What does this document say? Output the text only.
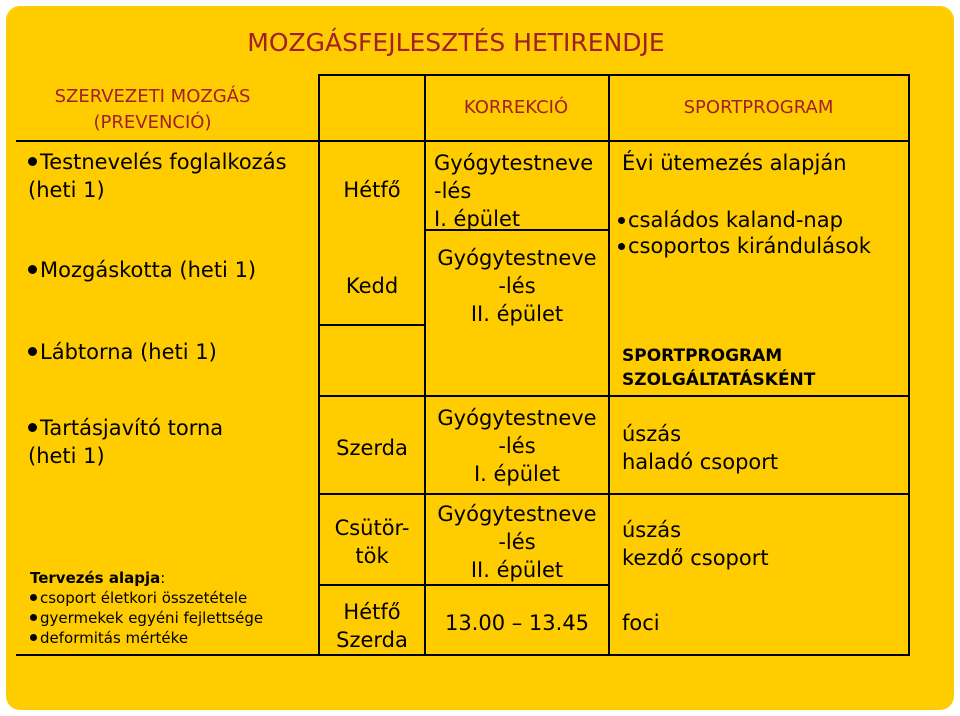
MOZGÁSFEJLESZTÉS HETIRENDJE
SZERVEZETI MOZGÁS
(PREVENCIÓ)
KORREKCIÓ	SPORTPROGRAM
Testnevelés foglalkozás
(heti 1)
Mozgáskotta (heti 1)
Lábtorna (heti 1)
Tartásjavító torna
(heti 1)
Tervezés alapja:
csoport életkori összetétele
gyermekek egyéni fejlettsége
deformitás mértéke
Hétfő
Kedd
Szerda
Csütör-
tök
Hétfő
Szerda
Gyógytestneve
-lés
I. épület
Gyógytestneve
-lés
II. épület
Gyógytestneve
-lés
I. épület
Gyógytestneve
-lés
II. épület
13.00 – 13.45
Évi ütemezés alapján
családos kaland-nap
csoportos kirándulások
SPORTPROGRAM
SZOLGÁLTATÁSKÉNT
úszás
haladó csoport
úszás
kezdő csoport
foci
